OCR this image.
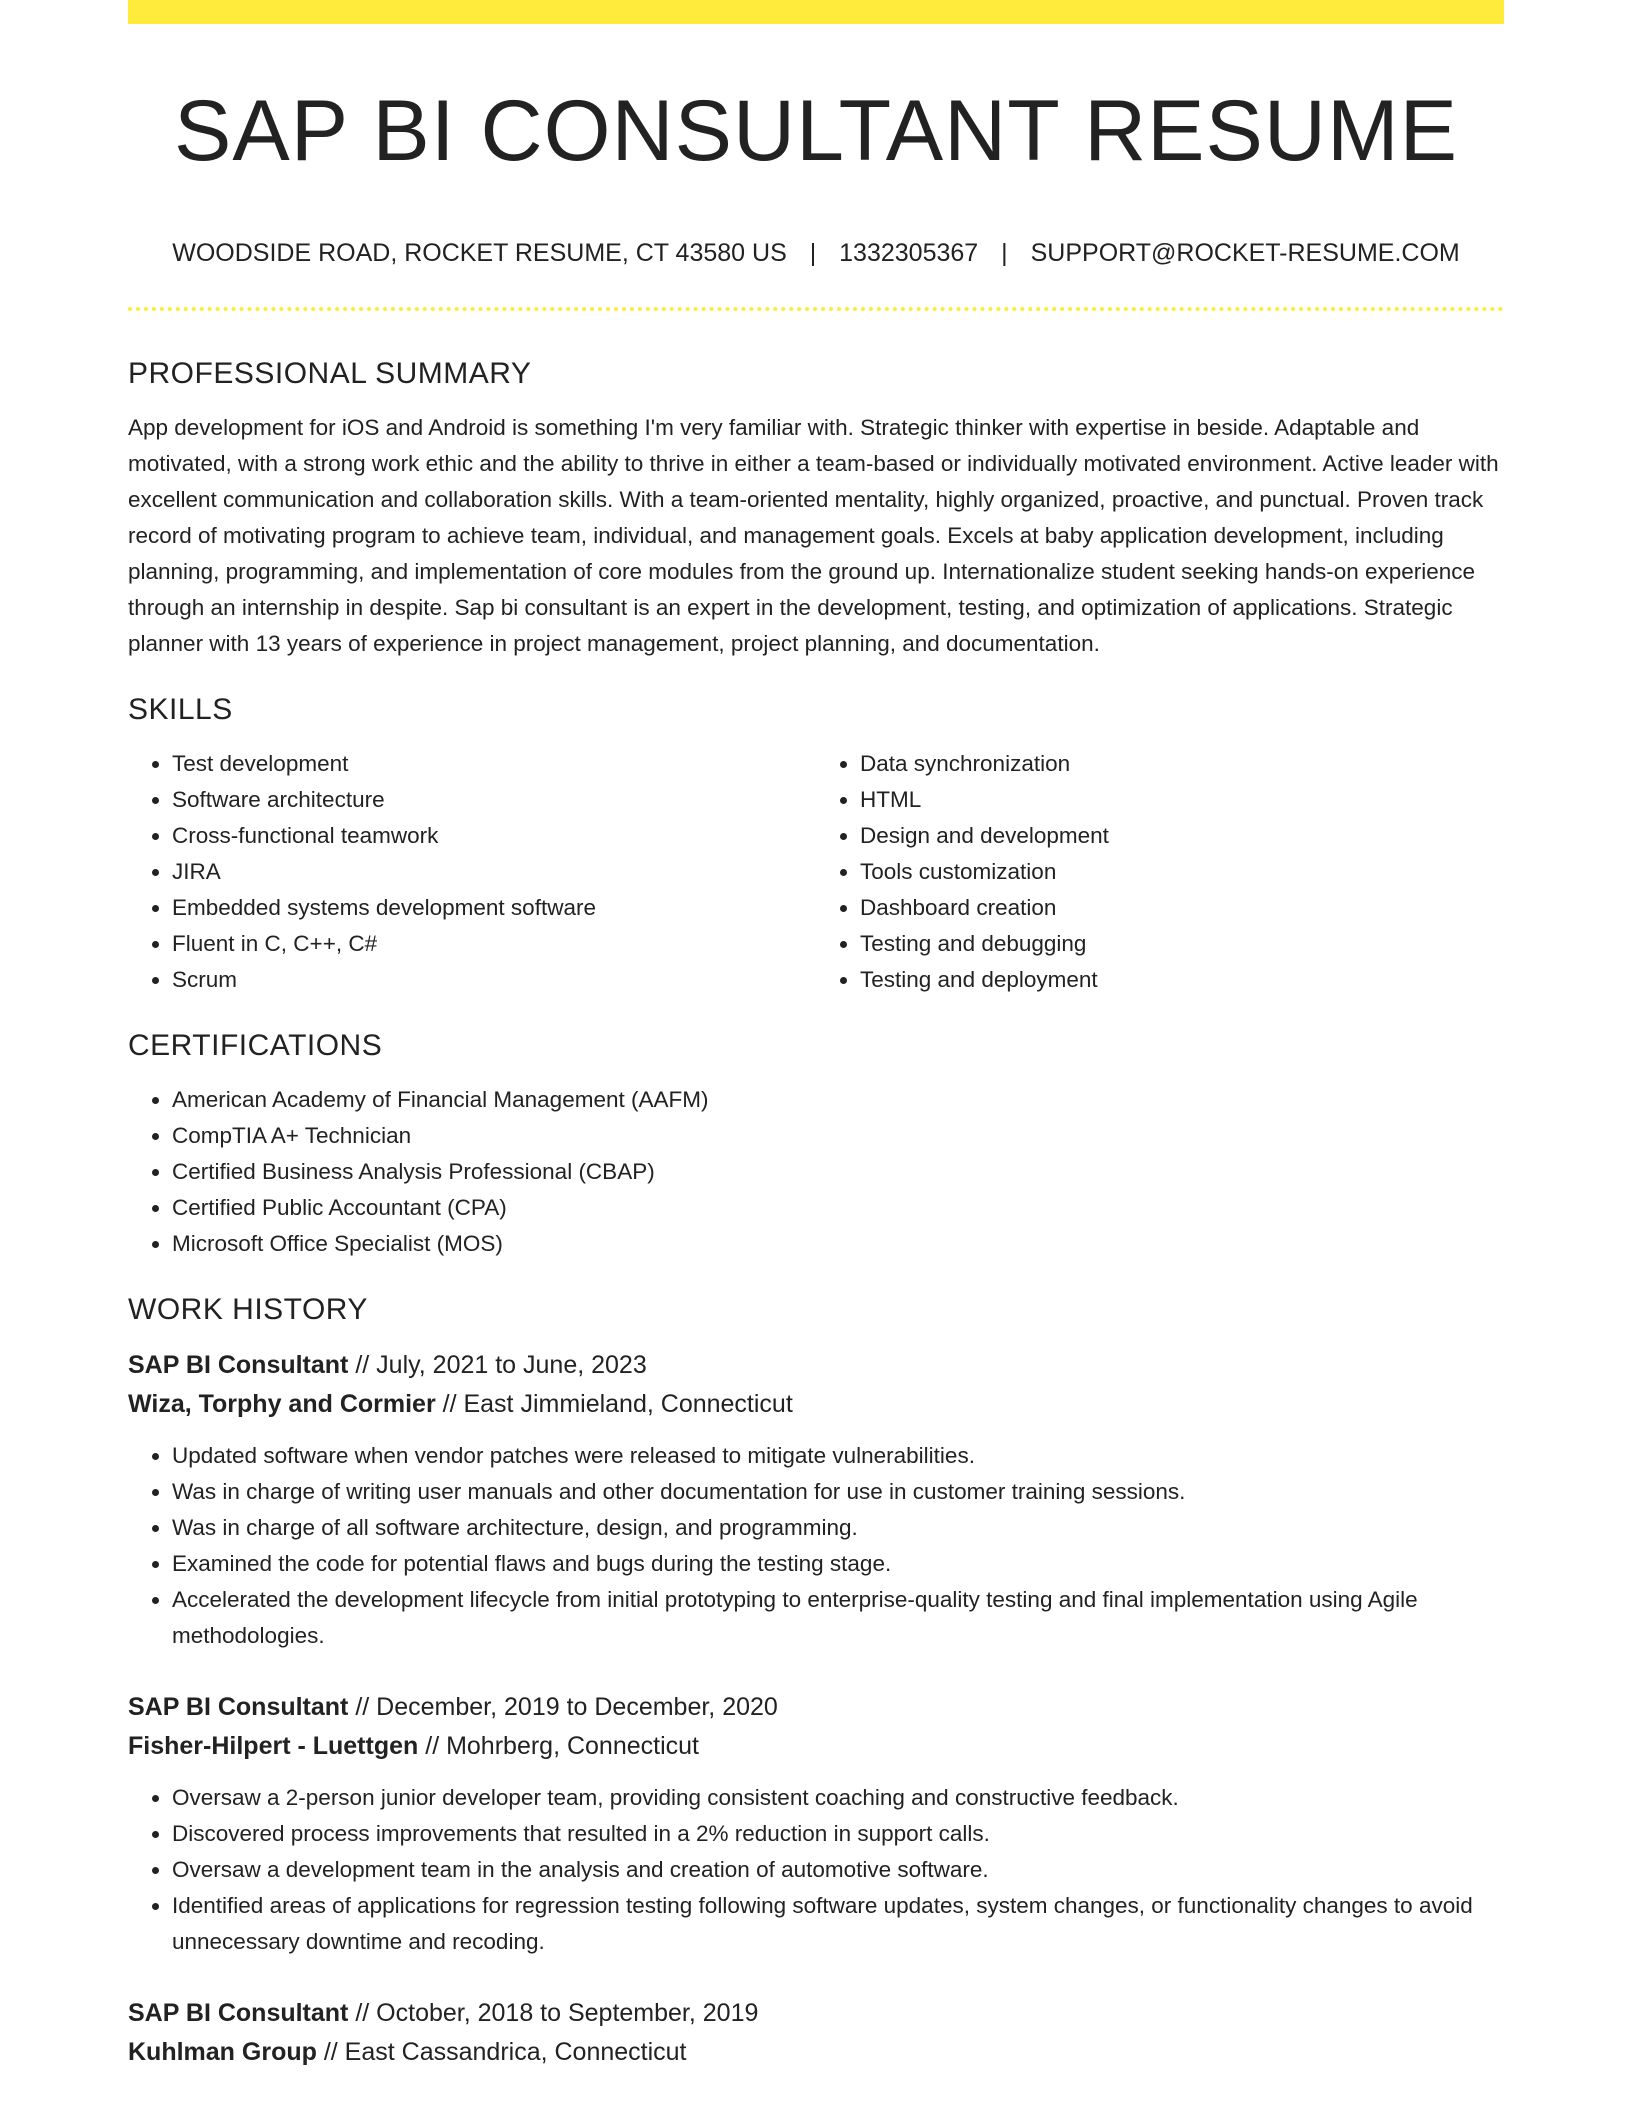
SAP BI CONSULTANT RESUME
WOODSIDE ROAD, ROCKET RESUME, CT 43580 US | 1332305367 | SUPPORT@ROCKET-RESUME.COM
PROFESSIONAL SUMMARY

App development for iOS and Android is something I'm very familiar with. Strategic thinker with expertise in beside. Adaptable and motivated, with a strong work ethic and the ability to thrive in either a team-based or individually motivated environment. Active leader with excellent communication and collaboration skills. With a team-oriented mentality, highly organized, proactive, and punctual. Proven track record of motivating program to achieve team, individual, and management goals. Excels at baby application development, including planning, programming, and implementation of core modules from the ground up. Internationalize student seeking hands-on experience through an internship in despite. Sap bi consultant is an expert in the development, testing, and optimization of applications. Strategic planner with 13 years of experience in project management, project planning, and documentation.

SKILLS
• Test development
• Software architecture
• Cross-functional teamwork
• JIRA
• Embedded systems development software
• Fluent in C, C++, C#
• Scrum
• Data synchronization
• HTML
• Design and development
• Tools customization
• Dashboard creation
• Testing and debugging
• Testing and deployment
CERTIFICATIONS
• American Academy of Financial Management (AAFM)
• CompTIA A+ Technician
• Certified Business Analysis Professional (CBAP)
• Certified Public Accountant (CPA)
• Microsoft Office Specialist (MOS)
WORK HISTORY
SAP BI Consultant // July, 2021 to June, 2023
Wiza, Torphy and Cormier // East Jimmieland, Connecticut
• Updated software when vendor patches were released to mitigate vulnerabilities.
• Was in charge of writing user manuals and other documentation for use in customer training sessions.
• Was in charge of all software architecture, design, and programming.
• Examined the code for potential flaws and bugs during the testing stage.
• Accelerated the development lifecycle from initial prototyping to enterprise-quality testing and final implementation using Agile methodologies.
SAP BI Consultant // December, 2019 to December, 2020
Fisher-Hilpert - Luettgen // Mohrberg, Connecticut
• Oversaw a 2-person junior developer team, providing consistent coaching and constructive feedback.
• Discovered process improvements that resulted in a 2% reduction in support calls.
• Oversaw a development team in the analysis and creation of automotive software.
• Identified areas of applications for regression testing following software updates, system changes, or functionality changes to avoid unnecessary downtime and recoding.
SAP BI Consultant // October, 2018 to September, 2019
Kuhlman Group // East Cassandrica, Connecticut
